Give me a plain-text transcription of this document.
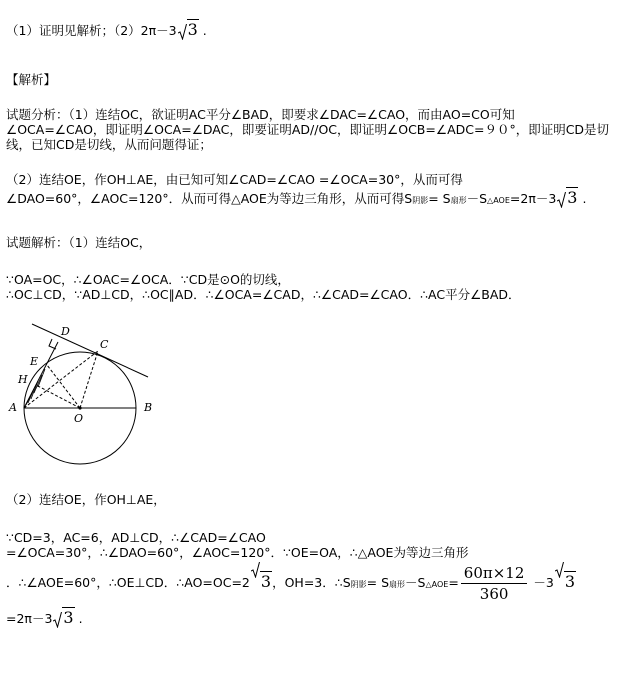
（1）证明见解析；（2）2π－3 3 .
【解析】
试题分析：（1）连结OC，欲证明AC平分∠BAD，即要求∠DAC=∠CAO，而由AO=CO可知
∠OCA=∠CAO，即证明∠OCA=∠DAC，即要证明AD//OC，即证明∠OCB=∠ADC=９０°，即证明CD是切
线，已知CD是切线，从而问题得证；
（2）连结OE，作OH⊥AE，由已知可知∠CAD=∠CAO =∠OCA=30°，从而可得
∠DAO=60°，∠AOC=120°．从而可得△AOE为等边三角形，从而可得S阴影= S扇形－S△AOE=2π－3 3 .
试题解析：（1）连结OC，
∵OA=OC，∴∠OAC=∠OCA．∵CD是⊙O的切线，
∴OC⊥CD，∵AD⊥CD，∴OC∥AD．∴∠OCA=∠CAD，∴∠CAD=∠CAO．∴AC平分∠BAD．
D
C
E
H
A	B
O
（2）连结OE，作OH⊥AE，
∵CD=3，AC=6，AD⊥CD，∴∠CAD=∠CAO
=∠OCA=30°，∴∠DAO=60°，∠AOC=120°．∵OE=OA，∴△AOE为等边三角形
．∴∠AOE=60°，∴OE⊥CD．∴AO=OC=2 3，OH=3．∴S阴影= S扇形－S△AOE= $\frac{60\pi\times 12}{360} -3$ 3
=2π－3 3 .
